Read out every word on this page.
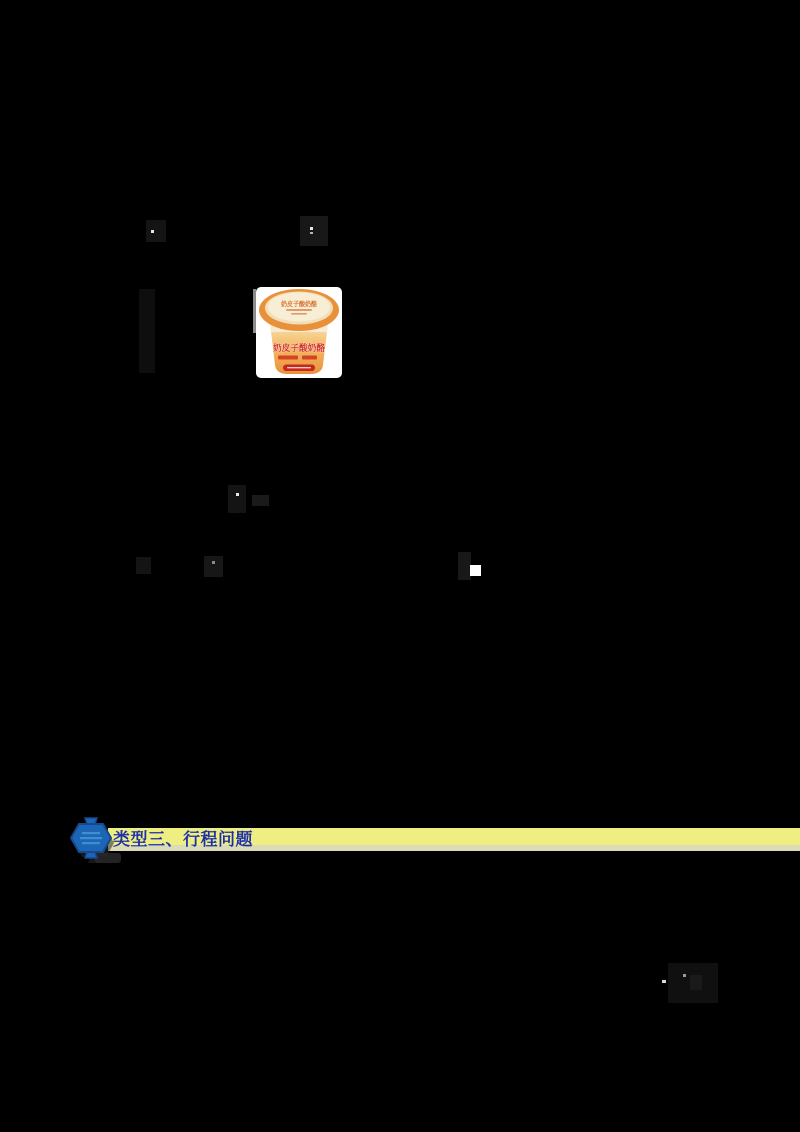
奶皮子酸奶酪
奶皮子酸奶酪
类型三、行程问题
